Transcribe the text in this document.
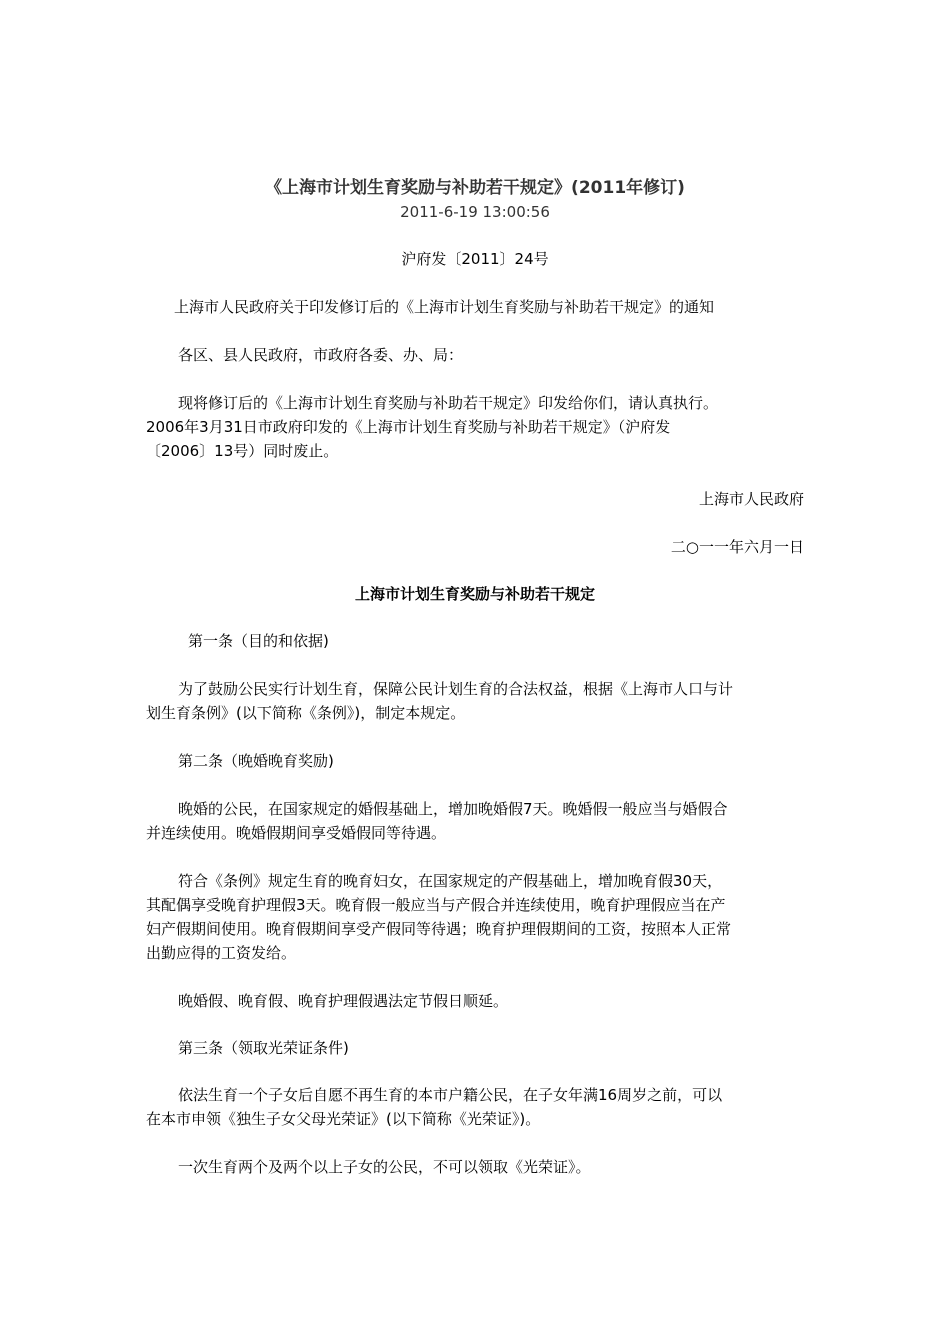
《上海市计划生育奖励与补助若干规定》(2011年修订)
2011-6-19 13:00:56
沪府发〔2011〕24号
上海市人民政府关于印发修订后的《上海市计划生育奖励与补助若干规定》的通知
各区、县人民政府，市政府各委、办、局：
现将修订后的《上海市计划生育奖励与补助若干规定》印发给你们，请认真执行。
2006年3月31日市政府印发的《上海市计划生育奖励与补助若干规定》（沪府发
〔2006〕13号）同时废止。
上海市人民政府
二○一一年六月一日
上海市计划生育奖励与补助若干规定
第一条（目的和依据)
为了鼓励公民实行计划生育，保障公民计划生育的合法权益，根据《上海市人口与计
划生育条例》(以下简称《条例》)，制定本规定。
第二条（晚婚晚育奖励)
晚婚的公民，在国家规定的婚假基础上，增加晚婚假7天。晚婚假一般应当与婚假合
并连续使用。晚婚假期间享受婚假同等待遇。
符合《条例》规定生育的晚育妇女，在国家规定的产假基础上，增加晚育假30天，
其配偶享受晚育护理假3天。晚育假一般应当与产假合并连续使用，晚育护理假应当在产
妇产假期间使用。晚育假期间享受产假同等待遇；晚育护理假期间的工资，按照本人正常
出勤应得的工资发给。
晚婚假、晚育假、晚育护理假遇法定节假日顺延。
第三条（领取光荣证条件)
依法生育一个子女后自愿不再生育的本市户籍公民，在子女年满16周岁之前，可以
在本市申领《独生子女父母光荣证》(以下简称《光荣证》)。
一次生育两个及两个以上子女的公民，不可以领取《光荣证》。
